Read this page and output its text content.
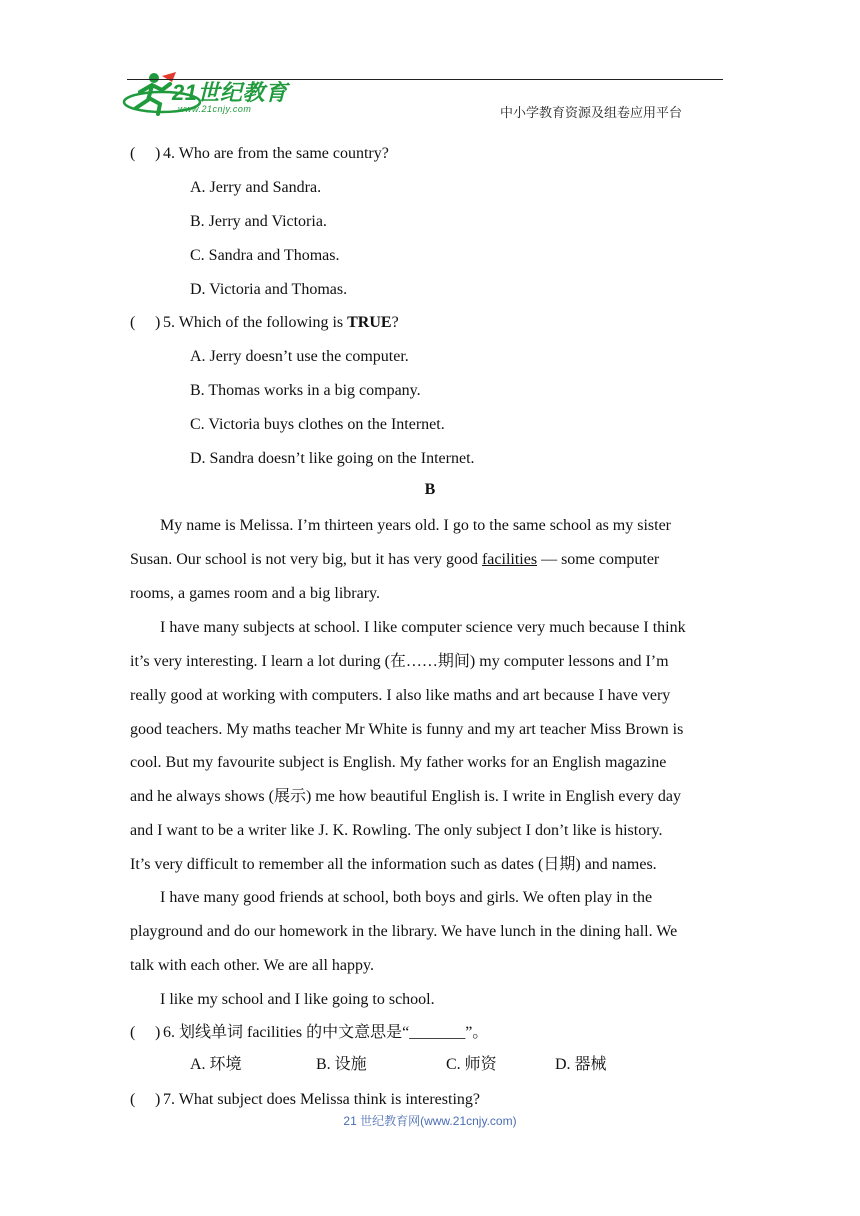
21世纪教育
www.21cnjy.com	中小学教育资源及组卷应用平台
( ) 4. Who are from the same country?
A. Jerry and Sandra.
B. Jerry and Victoria.
C. Sandra and Thomas.
D. Victoria and Thomas.
( ) 5. Which of the following is TRUE?
A. Jerry doesn’t use the computer.
B. Thomas works in a big company.
C. Victoria buys clothes on the Internet.
D. Sandra doesn’t like going on the Internet.
B
My name is Melissa. I’m thirteen years old. I go to the same school as my sister
Susan. Our school is not very big, but it has very good facilities — some computer
rooms, a games room and a big library.
I have many subjects at school. I like computer science very much because I think
it’s very interesting. I learn a lot during (在……期间) my computer lessons and I’m
really good at working with computers. I also like maths and art because I have very
good teachers. My maths teacher Mr White is funny and my art teacher Miss Brown is
cool. But my favourite subject is English. My father works for an English magazine
and he always shows (展示) me how beautiful English is. I write in English every day
and I want to be a writer like J. K. Rowling. The only subject I don’t like is history.
It’s very difficult to remember all the information such as dates (日期) and names.
I have many good friends at school, both boys and girls. We often play in the
playground and do our homework in the library. We have lunch in the dining hall. We
talk with each other. We are all happy.
I like my school and I like going to school.
( ) 6. 划线单词 facilities 的中文意思是“_______”。
A. 环境	B. 设施	C. 师资	D. 器械
( ) 7. What subject does Melissa think is interesting?
21 世纪教育网(www.21cnjy.com)
